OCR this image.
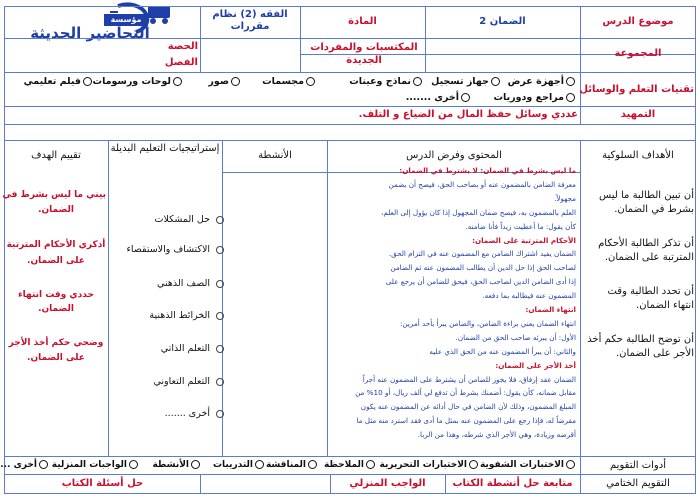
مؤسسة
التحاضير الحديثة
موضوع الدرس
الضمان 2
المادة
الفقه (2) نظام مقررات
المجموعة
المكتسبات والمفردات الجديدة
الحصة
الفصل
تقنيات التعلم والوسائل
أجهزة عرض
جهاز تسجيل
نماذج وعينات
مجسمات
صور
لوحات ورسومات
فيلم تعليمي
مراجع ودوريات
أخرى .......
التمهيد
عددي وسائل حفظ المال من الضياع و التلف.
الأهداف السلوكية
المحتوى وفرض الدرس
الأنشطة
إستراتيجيات التعليم البديلة
تقييم الهدف
أن تبين الطالبة ما ليس
بشرط في الضمان.
أن تذكر الطالبة الأحكام
المترتبة على الضمان.
أن تحدد الطالبة وقت
انتهاء الضمان.
أن توضح الطالبة حكم أخذ
الأجر على الضمان.
ما ليس بشرط في الضمان: لا يشترط في الضمان:
معرفة الضامن بالمضمون عنه أو بصاحب الحق، فيصح أن يضمن
مجهولاً.
العلم بالمضمون به، فيصح ضمان المجهول إذا كان يؤول إلى العلم،
كأن يقول: ما أعطيت زيداً فأنا ضامنه.
الأحكام المترتبة على الضمان:
الضمان يفيد اشتراك الضامن مع المضمون عنه في التزام الحق.
لصاحب الحق إذا حل الدين أن يطالب المضمون عنه ثم الضامن
إذا أدى الضامن الدين لصاحب الحق، فيحق للضامن أن يرجع على
المضمون عنه فيطالبه بما دفعه.
انتهاء الضمان:
انتهاء الضمان يعني براءة الضامن، والضامن يبرأ بأحد أمرين:
الأول: أن يبرئه صاحب الحق من الضمان.
والثاني: أن يبرأ المضمون عنه من الحق الذي عليه
أخذ الأجر على الضمان:
الضمان عقد إرفاق، فلا يجوز للضامن أن يشترط على المضمون عنه أجراً
مقابل ضمانه، كأن يقول: أضمنك بشرط أن تدفع لي ألف ريال، أو 10% من
المبلغ المضمون، وذلك لأن الضامن في حال أدائه عن المضمون عنه يكون
مقرضاً له، فإذا رجع على المضمون عنه بمثل ما أدى فقد استرد منه مثل ما
أقرضه وزيادة، وهي الأجر الذي شرطه، وهذا من الربا.
حل المشكلات
الاكتشاف والاستقصاء
الصف الذهني
الخرائط الذهنية
التعلم الذاتي
التعلم التعاوني
أخرى .......
بيني ما ليس بشرط في
الضمان.
أذكري الأحكام المترتبة
على الضمان.
حددي وقت انتهاء
الضمان.
وضحي حكم أخذ الأجر
على الضمان.
أدوات التقويم
الاختبارات الشفوية
الاختبارات التحريرية
الملاحظة
المناقشة
التدريبات
الأنشطة
الواجبات المنزلية
أخرى ...
التقويم الختامي
متابعة حل أنشطة الكتاب
الواجب المنزلي
حل أسئلة الكتاب
